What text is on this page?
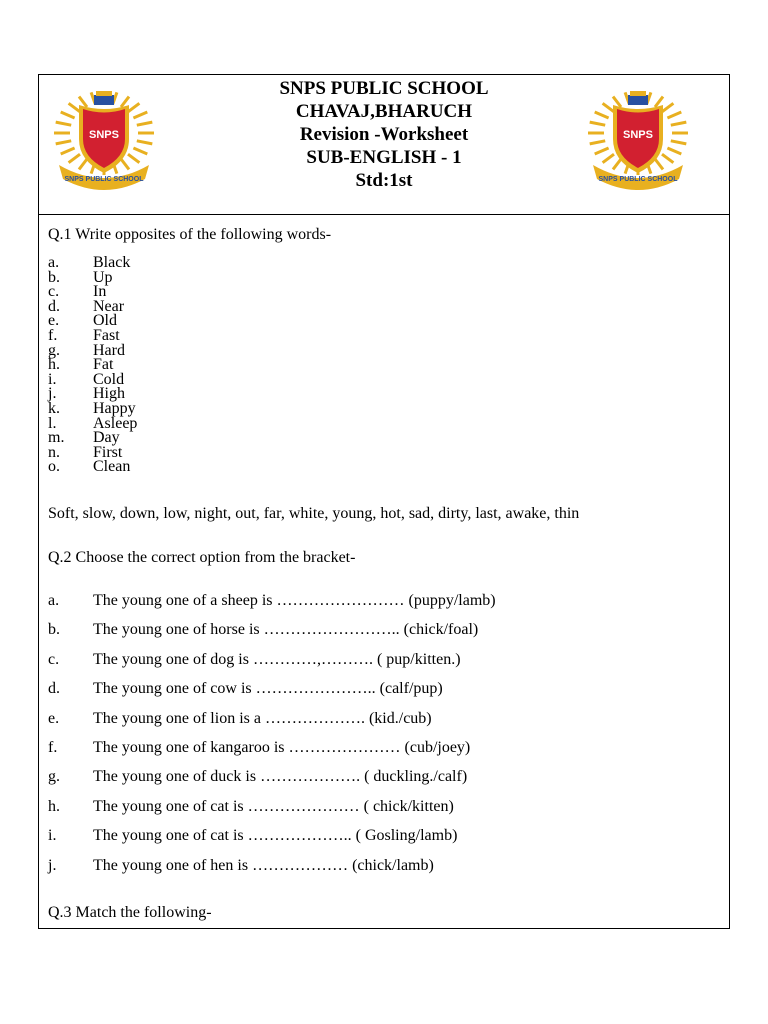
SNPS
SNPS PUBLIC SCHOOL
SNPS PUBLIC SCHOOL
CHAVAJ,BHARUCH
Revision -Worksheet
SUB-ENGLISH - 1
Std:1st
SNPS
SNPS PUBLIC SCHOOL
Q.1 Write opposites of the following words-
a. Black
b. Up
c. In
d. Near
e. Old
f. Fast
g. Hard
h. Fat
i. Cold
j. High
k. Happy
l. Asleep
m. Day
n. First
o. Clean
Soft, slow, down, low, night, out, far, white, young, hot, sad, dirty, last, awake, thin
Q.2 Choose the correct option from the bracket-
a. The young one of a sheep is …………………… (puppy/lamb)
b. The young one of horse is …………………….. (chick/foal)
c. The young one of dog is …………,………. ( pup/kitten.)
d. The young one of cow is ………………….. (calf/pup)
e. The young one of lion is a ………………. (kid./cub)
f. The young one of kangaroo is ………………… (cub/joey)
g. The young one of duck is ………………. ( duckling./calf)
h. The young one of cat is ………………… ( chick/kitten)
i. The young one of cat is ……………….. ( Gosling/lamb)
j. The young one of hen is ……………… (chick/lamb)
Q.3 Match the following-
